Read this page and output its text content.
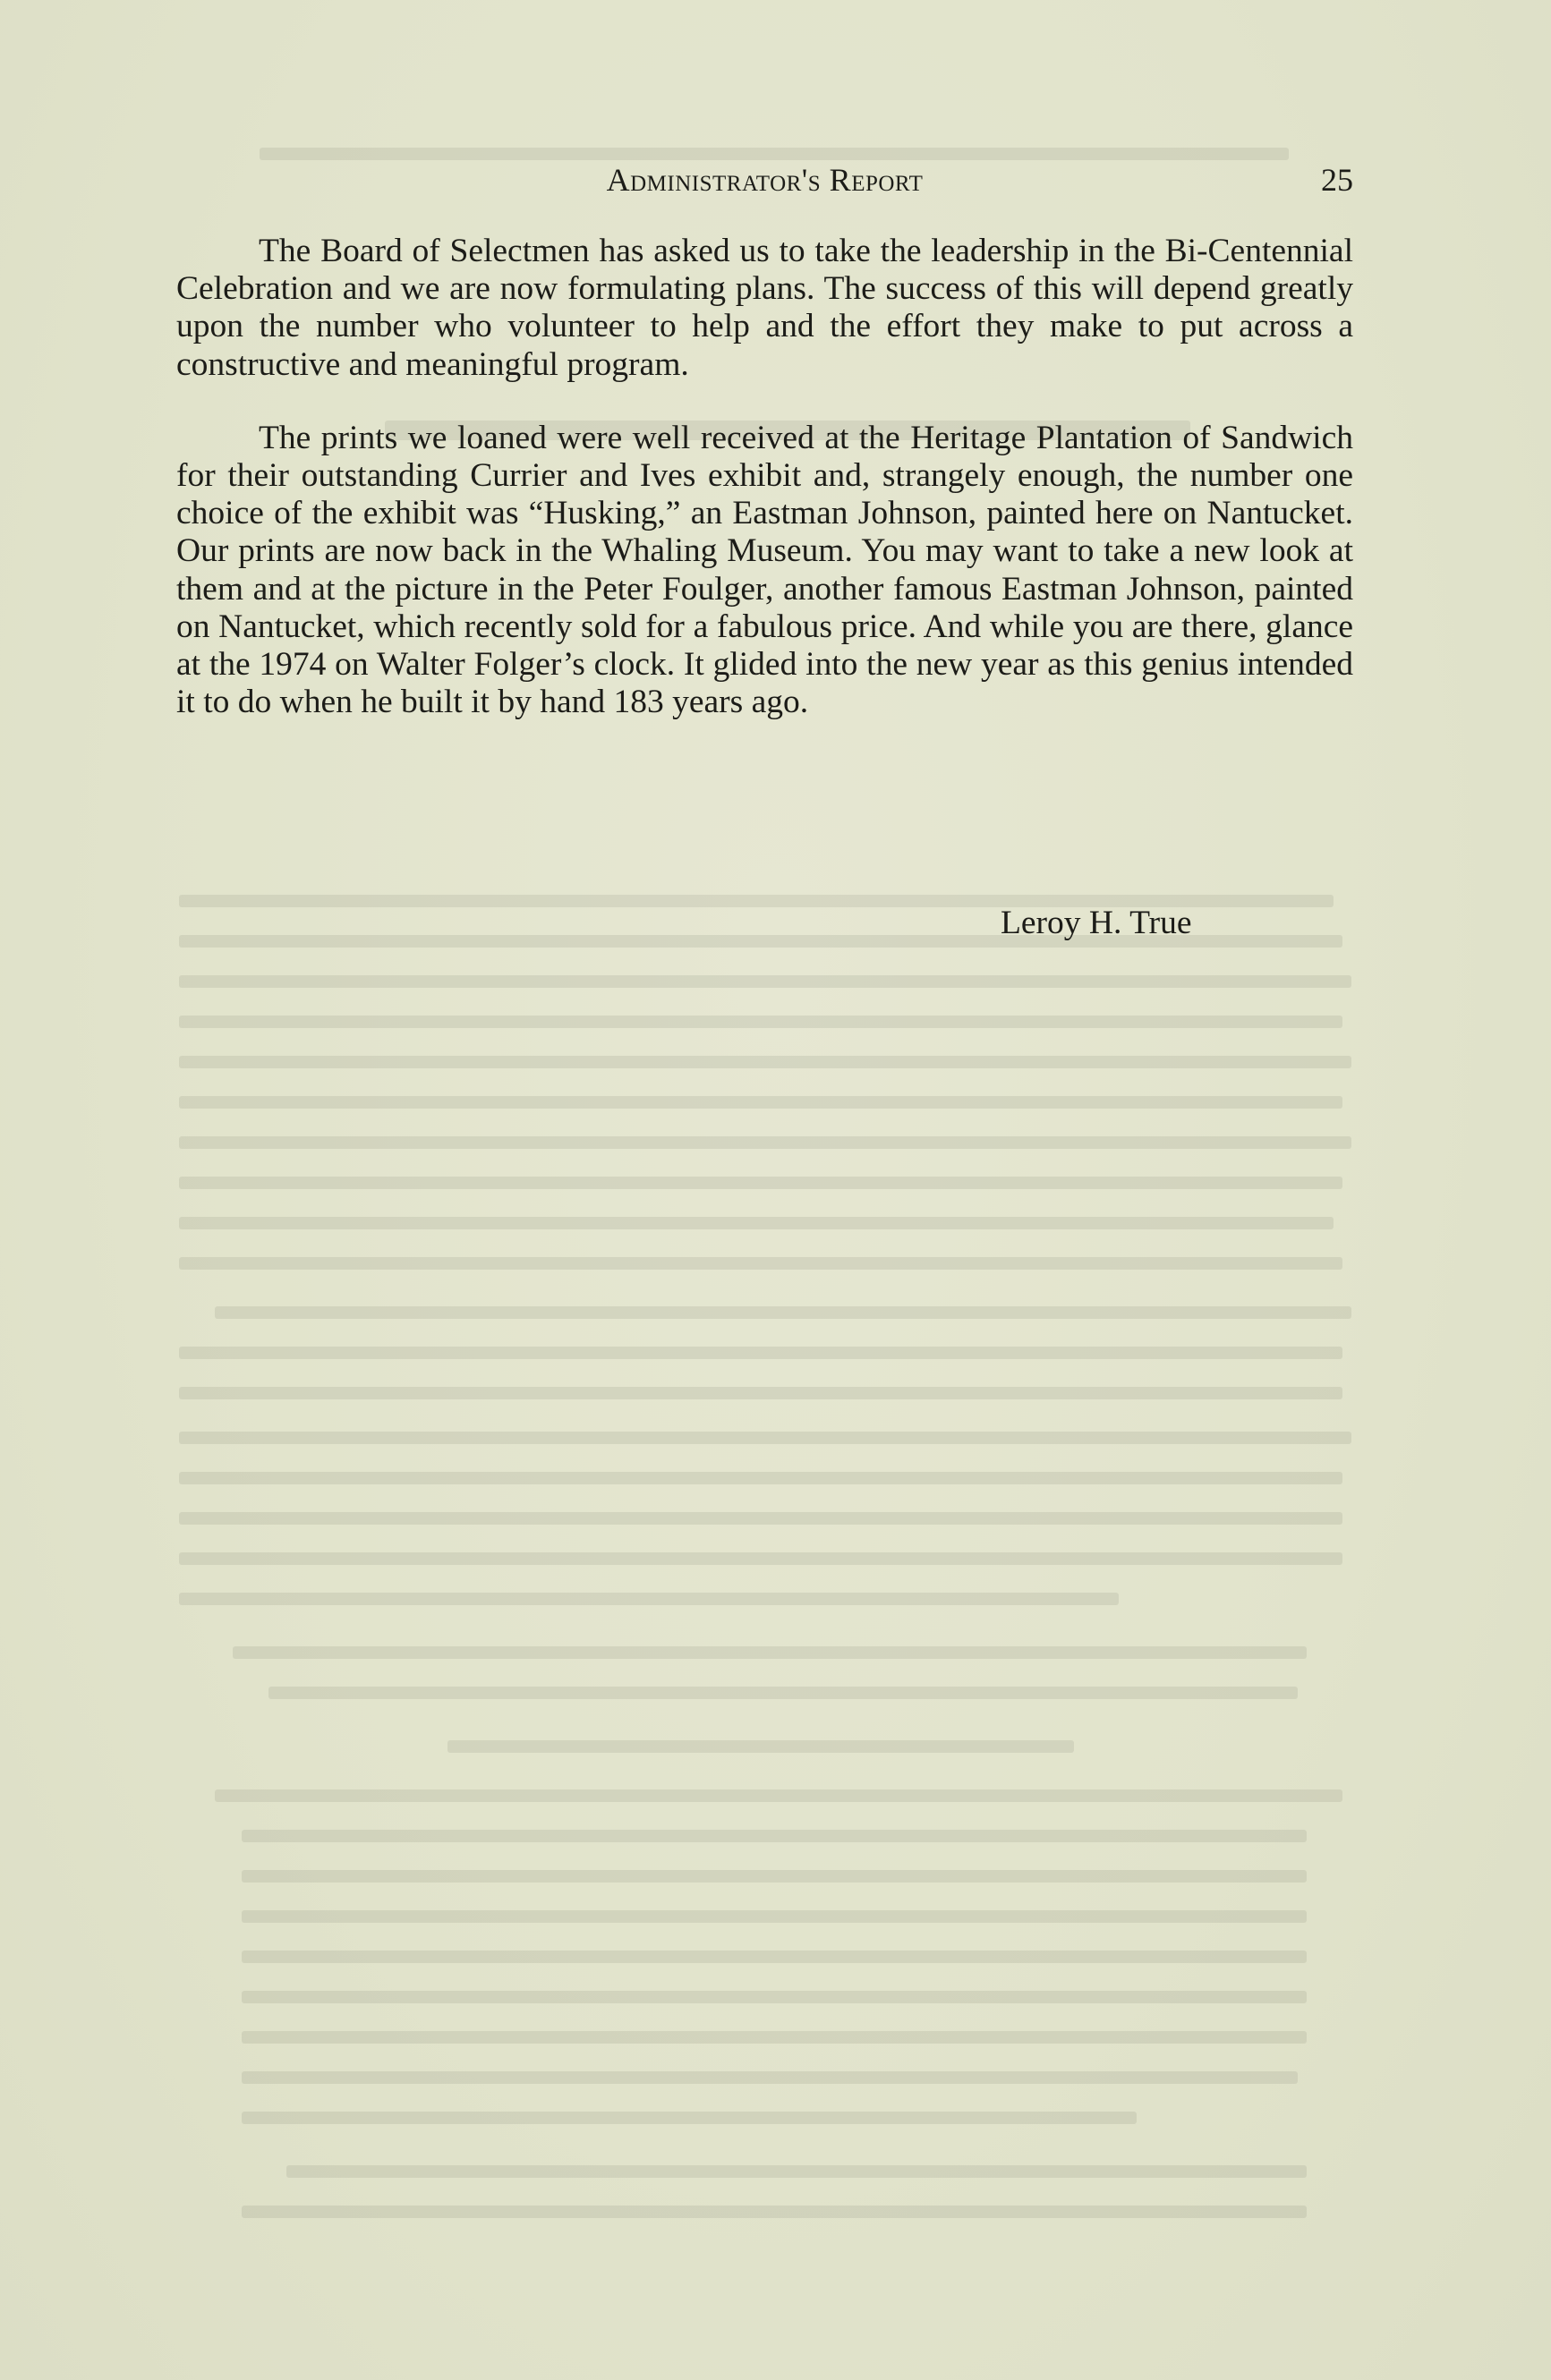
Administrator's Report	25

The Board of Selectmen has asked us to take the leadership in the Bi-Centennial Celebration and we are now formulating plans. The success of this will depend greatly upon the number who volunteer to help and the effort they make to put across a constructive and meaningful program.

The prints we loaned were well received at the Heritage Plantation of Sandwich for their outstanding Currier and Ives exhibit and, strangely enough, the number one choice of the exhibit was “Husking,” an Eastman Johnson, painted here on Nantucket. Our prints are now back in the Whaling Museum. You may want to take a new look at them and at the picture in the Peter Foulger, another famous Eastman Johnson, painted on Nantucket, which recently sold for a fabulous price. And while you are there, glance at the 1974 on Walter Folger’s clock. It glided into the new year as this genius intended it to do when he built it by hand 183 years ago.

Leroy H. True
